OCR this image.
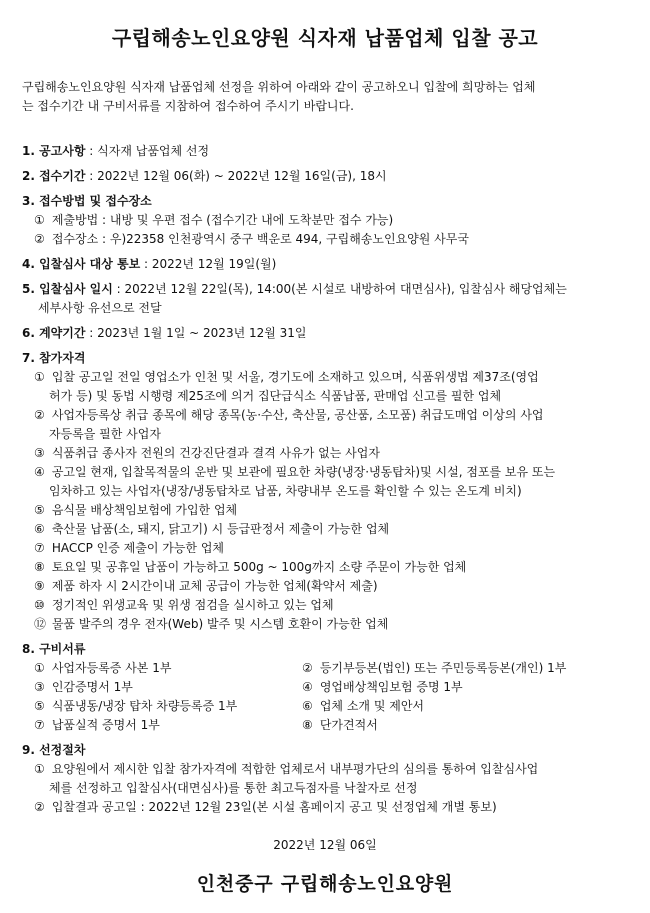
구립해송노인요양원 식자재 납품업체 입찰 공고
구립해송노인요양원 식자재 납품업체 선정을 위하여 아래와 같이 공고하오니 입찰에 희망하는 업체
는 접수기간 내 구비서류를 지참하여 접수하여 주시기 바랍니다.
1. 공고사항 : 식자재 납품업체 선정
2. 접수기간 : 2022년 12월 06(화) ~ 2022년 12월 16일(금), 18시
3. 접수방법 및 접수장소
① 제출방법 : 내방 및 우편 접수 (접수기간 내에 도착분만 접수 가능)
② 접수장소 : 우)22358 인천광역시 중구 백운로 494, 구립해송노인요양원 사무국
4. 입찰심사 대상 통보 : 2022년 12월 19일(월)
5. 입찰심사 일시 : 2022년 12월 22일(목), 14:00(본 시설로 내방하여 대면심사), 입찰심사 해당업체는
세부사항 유선으로 전달
6. 계약기간 : 2023년 1월 1일 ~ 2023년 12월 31일
7. 참가자격
① 입찰 공고일 전일 영업소가 인천 및 서울, 경기도에 소재하고 있으며, 식품위생법 제37조(영업
허가 등) 및 동법 시행령 제25조에 의거 집단급식소 식품납품, 판매업 신고를 필한 업체
② 사업자등록상 취급 종목에 해당 종목(농·수산, 축산물, 공산품, 소모품) 취급도매업 이상의 사업
자등록을 필한 사업자
③ 식품취급 종사자 전원의 건강진단결과 결격 사유가 없는 사업자
④ 공고일 현재, 입찰목적물의 운반 및 보관에 필요한 차량(냉장·냉동탑차)및 시설, 점포를 보유 또는
임차하고 있는 사업자(냉장/냉동탑차로 납품, 차량내부 온도를 확인할 수 있는 온도계 비치)
⑤ 음식물 배상책임보험에 가입한 업체
⑥ 축산물 납품(소, 돼지, 닭고기) 시 등급판정서 제출이 가능한 업체
⑦ HACCP 인증 제출이 가능한 업체
⑧ 토요일 및 공휴일 납품이 가능하고 500g ~ 100g까지 소량 주문이 가능한 업체
⑨ 제품 하자 시 2시간이내 교체 공급이 가능한 업체(확약서 제출)
⑩ 정기적인 위생교육 및 위생 점검을 실시하고 있는 업체
⑫ 물품 발주의 경우 전자(Web) 발주 및 시스템 호환이 가능한 업체
8. 구비서류
① 사업자등록증 사본 1부	② 등기부등본(법인) 또는 주민등록등본(개인) 1부
③ 인감증명서 1부	④ 영업배상책임보험 증명 1부
⑤ 식품냉동/냉장 탑차 차량등록증 1부	⑥ 업체 소개 및 제안서
⑦ 납품실적 증명서 1부	⑧ 단가견적서
9. 선정절차
① 요양원에서 제시한 입찰 참가자격에 적합한 업체로서 내부평가단의 심의를 통하여 입찰심사업
체를 선정하고 입찰심사(대면심사)를 통한 최고득점자를 낙찰자로 선정
② 입찰결과 공고일 : 2022년 12월 23일(본 시설 홈페이지 공고 및 선정업체 개별 통보)
2022년 12월 06일
인천중구 구립해송노인요양원
